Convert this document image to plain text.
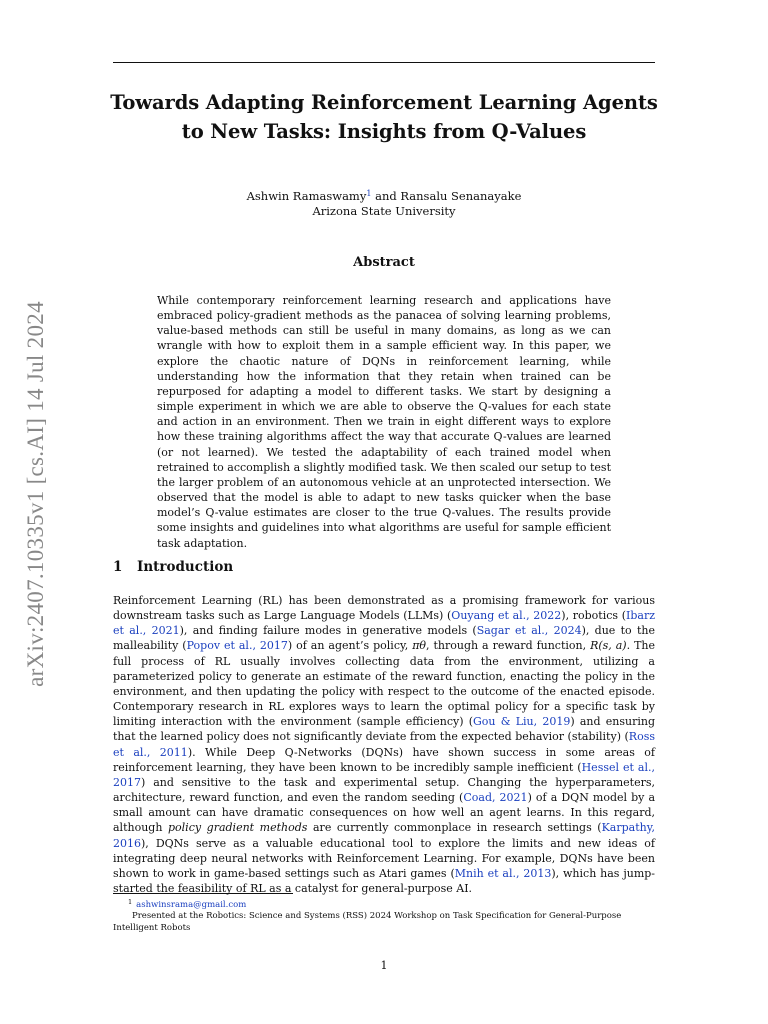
arXiv:2407.10335v1 [cs.AI] 14 Jul 2024
Towards Adapting Reinforcement Learning Agents
to New Tasks: Insights from Q-Values
Ashwin Ramaswamy$^1$ and Ransalu Senanayake
Arizona State University
Abstract
While contemporary reinforcement learning research and applications have embraced policy-gradient methods as the panacea of solving learning problems, value-based methods can still be useful in many domains, as long as we can wrangle with how to exploit them in a sample efficient way. In this paper, we explore the chaotic nature of DQNs in reinforcement learning, while understanding how the information that they retain when trained can be repurposed for adapting a model to different tasks. We start by designing a simple experiment in which we are able to observe the Q-values for each state and action in an environment. Then we train in eight different ways to explore how these training algorithms affect the way that accurate Q-values are learned (or not learned). We tested the adaptability of each trained model when retrained to accomplish a slightly modified task. We then scaled our setup to test the larger problem of an autonomous vehicle at an unprotected intersection. We observed that the model is able to adapt to new tasks quicker when the base model’s Q-value estimates are closer to the true Q-values. The results provide some insights and guidelines into what algorithms are useful for sample efficient task adaptation.
1 Introduction
Reinforcement Learning (RL) has been demonstrated as a promising framework for various downstream tasks such as Large Language Models (LLMs) (Ouyang et al., 2022), robotics (Ibarz et al., 2021), and finding failure modes in generative models (Sagar et al., 2024), due to the malleability (Popov et al., 2017) of an agent’s policy, πθ, through a reward function, R(s, a). The full process of RL usually involves collecting data from the environment, utilizing a parameterized policy to generate an estimate of the reward function, enacting the policy in the environment, and then updating the policy with respect to the outcome of the enacted episode. Contemporary research in RL explores ways to learn the optimal policy for a specific task by limiting interaction with the environment (sample efficiency) (Gou & Liu, 2019) and ensuring that the learned policy does not significantly deviate from the expected behavior (stability) (Ross et al., 2011). While Deep Q-Networks (DQNs) have shown success in some areas of reinforcement learning, they have been known to be incredibly sample inefficient (Hessel et al., 2017) and sensitive to the task and experimental setup. Changing the hyperparameters, architecture, reward function, and even the random seeding (Coad, 2021) of a DQN model by a small amount can have dramatic consequences on how well an agent learns. In this regard, although policy gradient methods are currently commonplace in research settings (Karpathy, 2016), DQNs serve as a valuable educational tool to explore the limits and new ideas of integrating deep neural networks with Reinforcement Learning. For example, DQNs have been shown to work in game-based settings such as Atari games (Mnih et al., 2013), which has jump-started the feasibility of RL as a catalyst for general-purpose AI.
$^1$ ashwinsrama@gmail.com
Presented at the Robotics: Science and Systems (RSS) 2024 Workshop on Task Specification for General-Purpose Intelligent Robots
1
